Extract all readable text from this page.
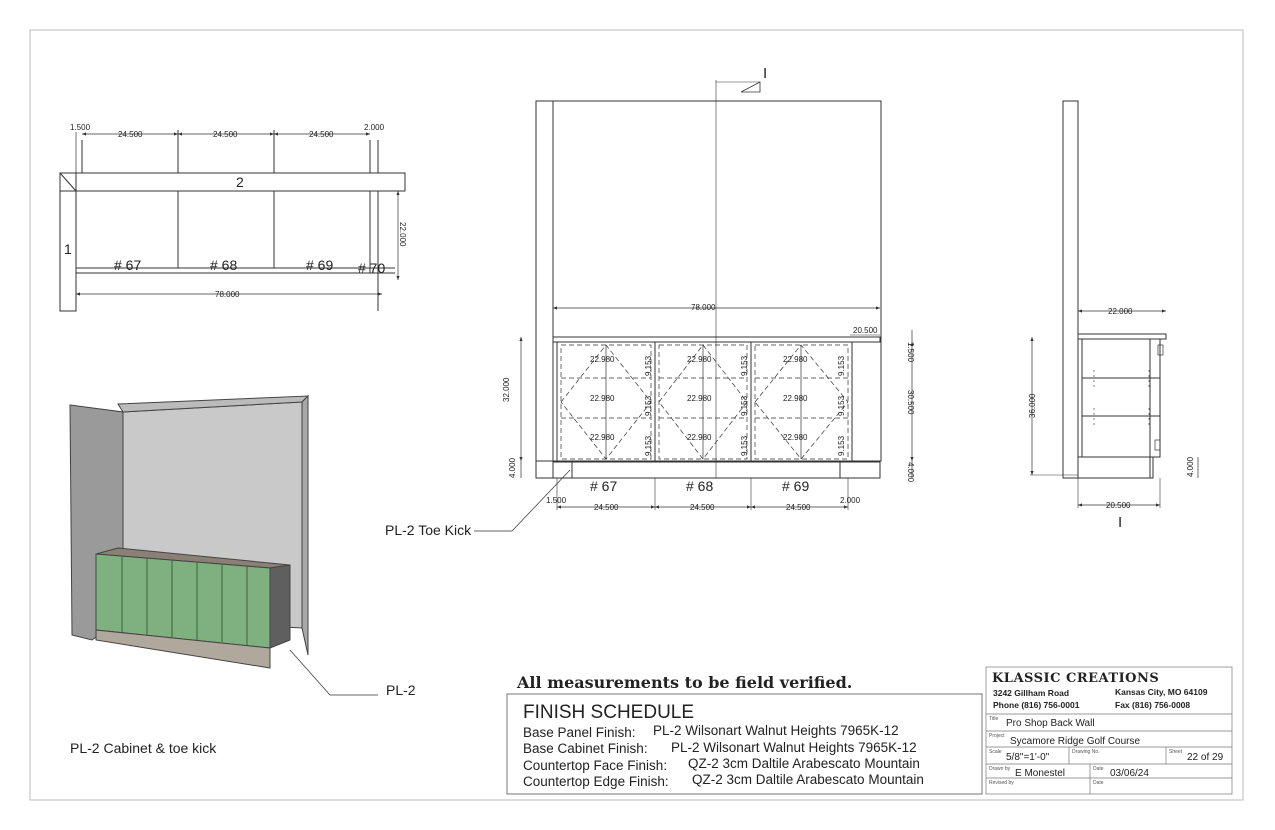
1.500
24.500	24.500	24.500
2.000
22.000
78.000
2
1
# 67	# 68	# 69 # 70
I
78.000
20.500
32.000
1.500
30.500
4.000	4.000
22.980
22.980
22.980
22.980
22.980
22.980
22.980
22.980
22.980
9.153
9.153
9.153
9.153
9.153
9.153
9.153
9.153
9.153
# 67	# 68	# 69
1.500
24.500	24.500	24.500
2.000
PL-2 Toe Kick
22.000
36.000
4.000
20.500
I
PL-2
PL-2 Cabinet & toe kick
All measurements to be field verified.
FINISH SCHEDULE
Base Panel Finish: PL-2 Wilsonart Walnut Heights 7965K-12
Base Cabinet Finish: PL-2 Wilsonart Walnut Heights 7965K-12
Countertop Face Finish: QZ-2 3cm Daltile Arabescato Mountain
Countertop Edge Finish: QZ-2 3cm Daltile Arabescato Mountain
KLASSIC CREATIONS
3242 Gillham Road	Kansas City, MO 64109
Phone (816) 756-0001	Fax (816) 756-0008
Title Pro Shop Back Wall
Project Sycamore Ridge Golf Course
Scale 5/8"=1'-0"	Drawing No.	Sheet 22 of 29
Drawn by E Monestel	Date 03/06/24
Revised by	Date
